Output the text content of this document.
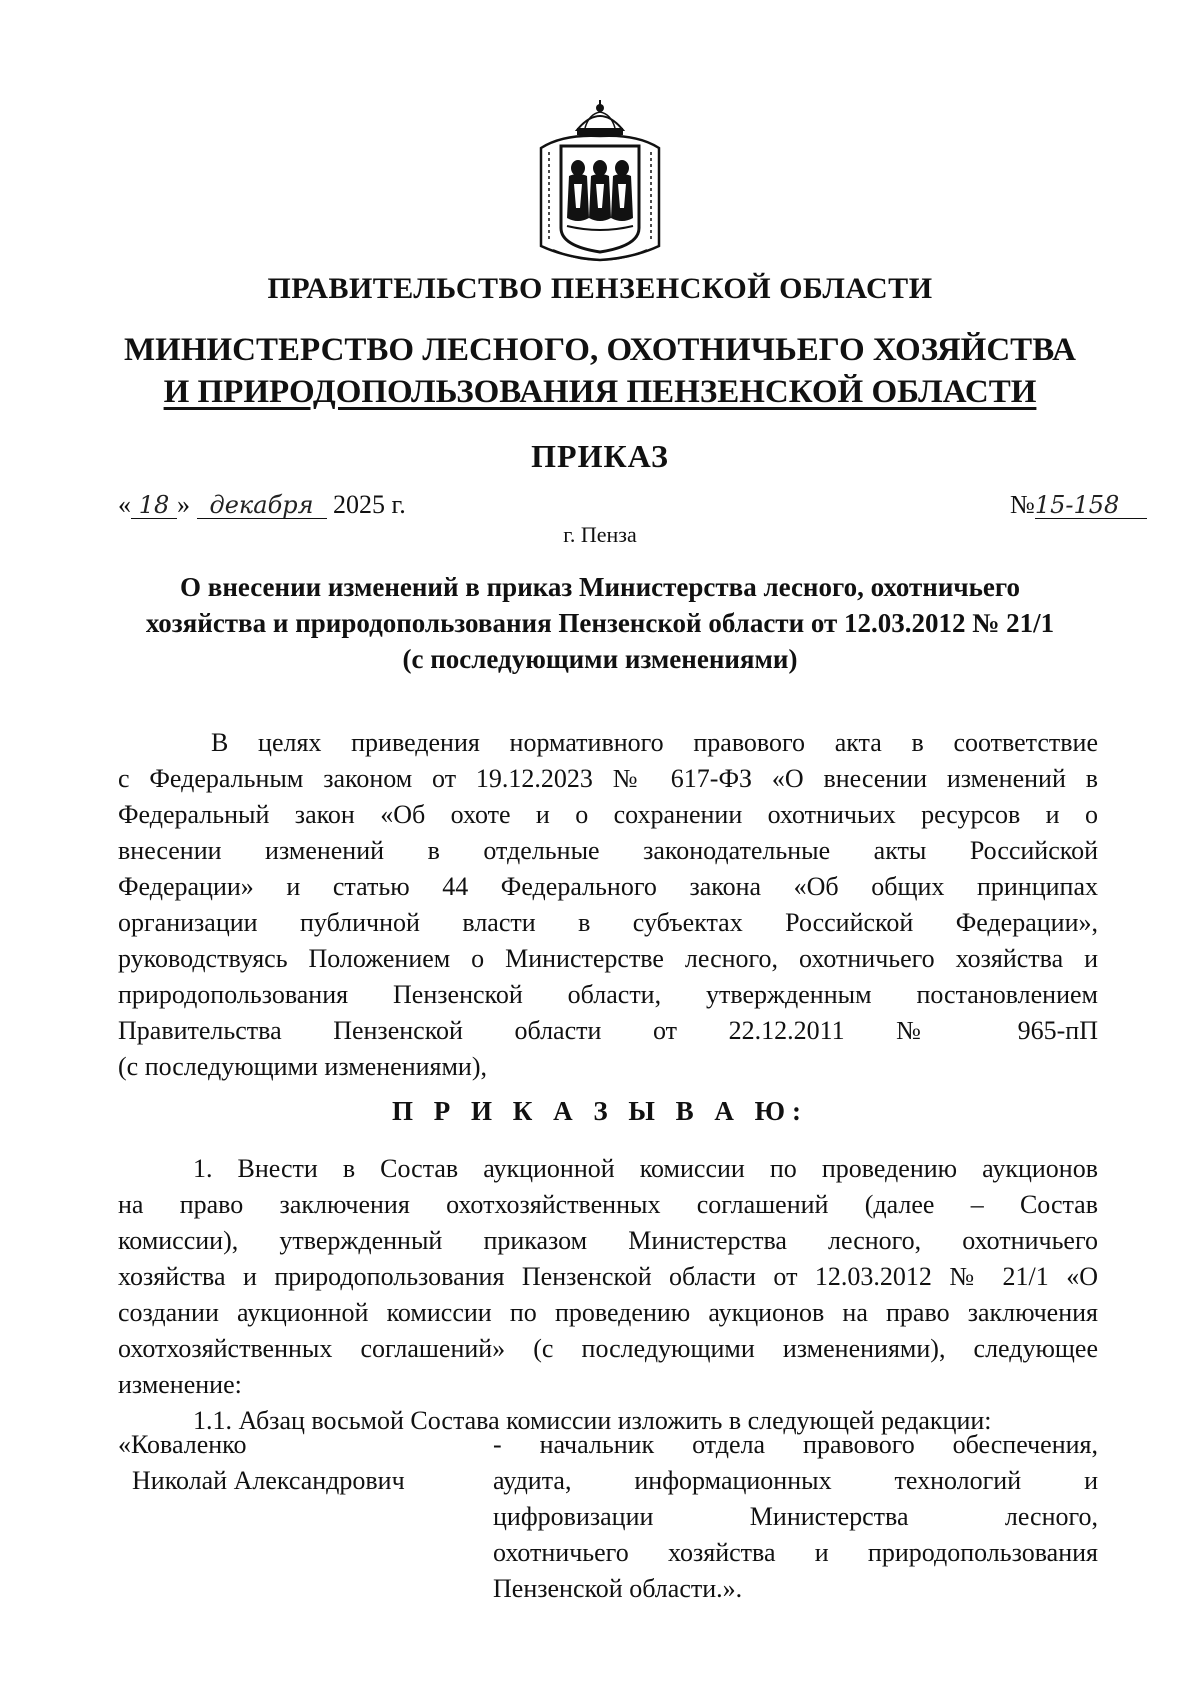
ПРАВИТЕЛЬСТВО ПЕНЗЕНСКОЙ ОБЛАСТИ
МИНИСТЕРСТВО ЛЕСНОГО, ОХОТНИЧЬЕГО ХОЗЯЙСТВА
И ПРИРОДОПОЛЬЗОВАНИЯ ПЕНЗЕНСКОЙ ОБЛАСТИ
ПРИКАЗ
« 18 » декабря 2025 г.	№15-158
г. Пенза
О внесении изменений в приказ Министерства лесного, охотничьего
хозяйства и природопользования Пензенской области от 12.03.2012 № 21/1
(с последующими изменениями)
В целях приведения нормативного правового акта в соответствие
с Федеральным законом от 19.12.2023 № 617-ФЗ «О внесении изменений в
Федеральный закон «Об охоте и о сохранении охотничьих ресурсов и о
внесении изменений в отдельные законодательные акты Российской
Федерации» и статью 44 Федерального закона «Об общих принципах
организации публичной власти в субъектах Российской Федерации»,
руководствуясь Положением о Министерстве лесного, охотничьего хозяйства и
природопользования Пензенской области, утвержденным постановлением
Правительства Пензенской области от 22.12.2011 № 965-пП
(с последующими изменениями),
П Р И К А З Ы В А Ю:
1. Внести в Состав аукционной комиссии по проведению аукционов
на право заключения охотхозяйственных соглашений (далее – Состав
комиссии), утвержденный приказом Министерства лесного, охотничьего
хозяйства и природопользования Пензенской области от 12.03.2012 № 21/1 «О
создании аукционной комиссии по проведению аукционов на право заключения
охотхозяйственных соглашений» (с последующими изменениями), следующее
изменение:
1.1. Абзац восьмой Состава комиссии изложить в следующей редакции:
«Коваленко
Николай Александрович
- начальник отдела правового обеспечения,
аудита, информационных технологий и
цифровизации Министерства лесного,
охотничьего хозяйства и природопользования
Пензенской области.».
